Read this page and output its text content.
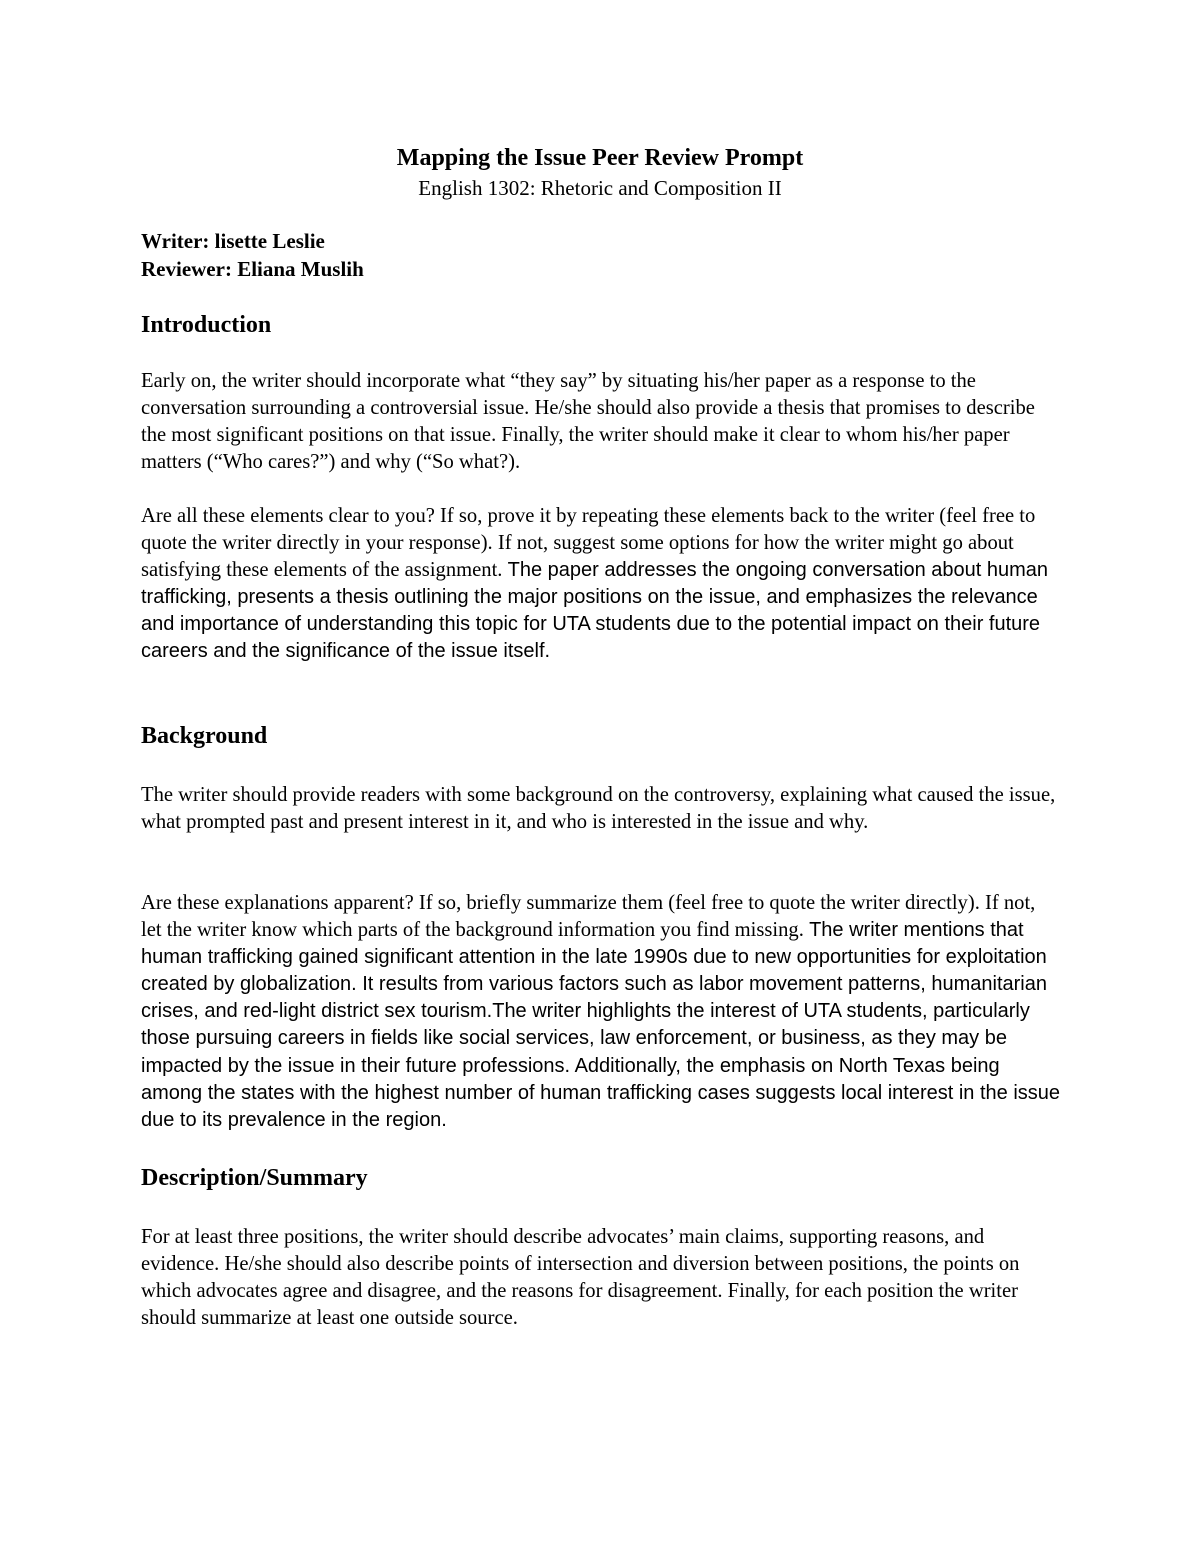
Mapping the Issue Peer Review Prompt
English 1302: Rhetoric and Composition II
Writer: lisette Leslie
Reviewer: Eliana Muslih
Introduction

Early on, the writer should incorporate what “they say” by situating his/her paper as a response to the conversation surrounding a controversial issue. He/she should also provide a thesis that promises to describe the most significant positions on that issue. Finally, the writer should make it clear to whom his/her paper matters (“Who cares?”) and why (“So what?).

Are all these elements clear to you? If so, prove it by repeating these elements back to the writer (feel free to quote the writer directly in your response). If not, suggest some options for how the writer might go about satisfying these elements of the assignment. The paper addresses the ongoing conversation about human trafficking, presents a thesis outlining the major positions on the issue, and emphasizes the relevance and importance of understanding this topic for UTA students due to the potential impact on their future careers and the significance of the issue itself.

Background

The writer should provide readers with some background on the controversy, explaining what caused the issue, what prompted past and present interest in it, and who is interested in the issue and why.

Are these explanations apparent? If so, briefly summarize them (feel free to quote the writer directly). If not, let the writer know which parts of the background information you find missing. The writer mentions that human trafficking gained significant attention in the late 1990s due to new opportunities for exploitation created by globalization. It results from various factors such as labor movement patterns, humanitarian crises, and red-light district sex tourism.The writer highlights the interest of UTA students, particularly those pursuing careers in fields like social services, law enforcement, or business, as they may be impacted by the issue in their future professions. Additionally, the emphasis on North Texas being among the states with the highest number of human trafficking cases suggests local interest in the issue due to its prevalence in the region.

Description/Summary

For at least three positions, the writer should describe advocates’ main claims, supporting reasons, and evidence. He/she should also describe points of intersection and diversion between positions, the points on which advocates agree and disagree, and the reasons for disagreement. Finally, for each position the writer should summarize at least one outside source.
